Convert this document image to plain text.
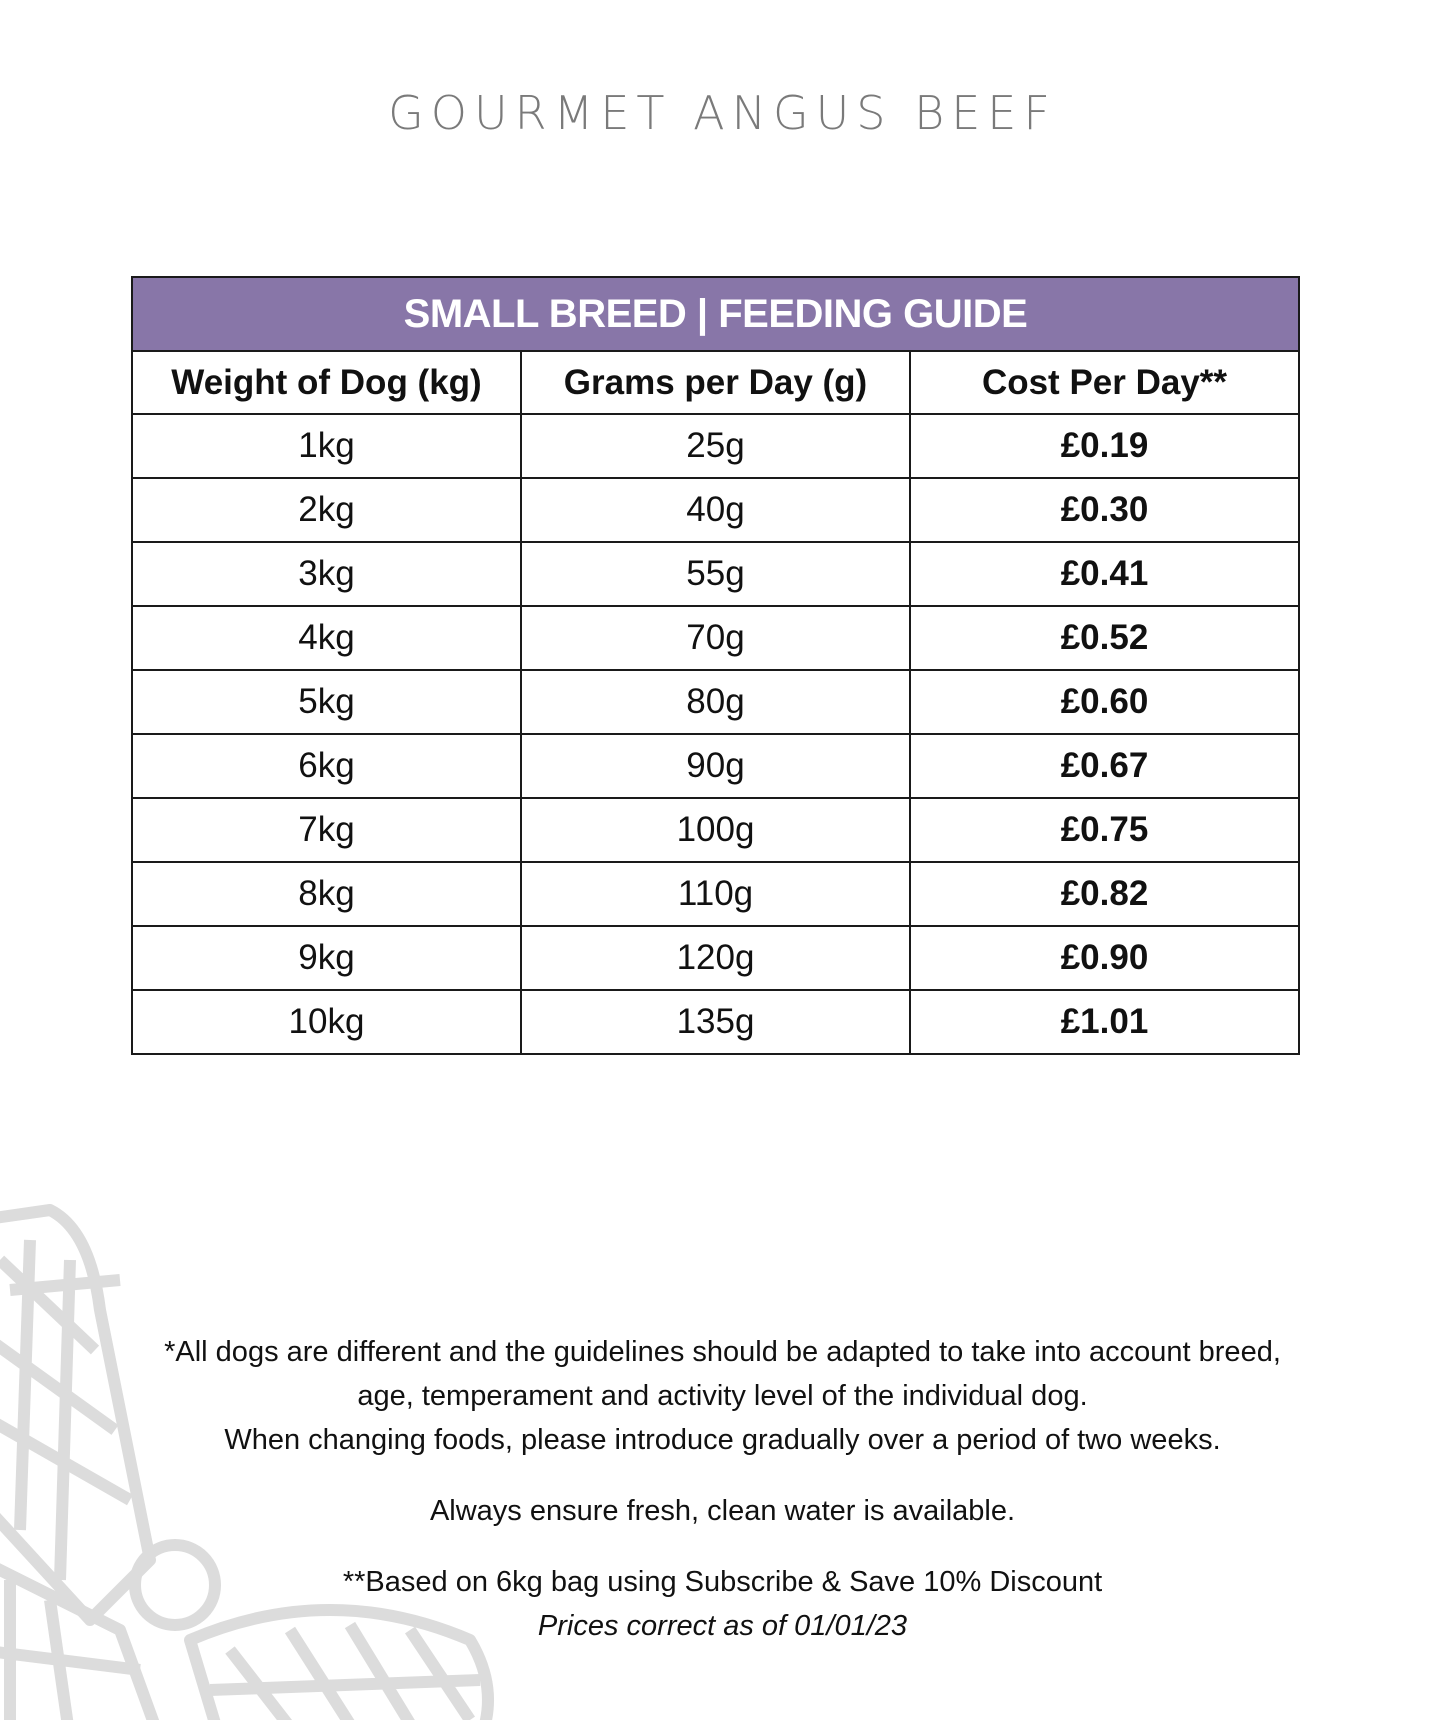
GOURMET ANGUS BEEF
SMALL BREED | FEEDING GUIDE		
Weight of Dog (kg)	Grams per Day (g)	Cost Per Day**
1kg	25g	£0.19
2kg	40g	£0.30
3kg	55g	£0.41
4kg	70g	£0.52
5kg	80g	£0.60
6kg	90g	£0.67
7kg	100g	£0.75
8kg	110g	£0.82
9kg	120g	£0.90
10kg	135g	£1.01

*All dogs are different and the guidelines should be adapted to take into account breed,

age, temperament and activity level of the individual dog.

When changing foods, please introduce gradually over a period of two weeks.

Always ensure fresh, clean water is available.

**Based on 6kg bag using Subscribe & Save 10% Discount

Prices correct as of 01/01/23
